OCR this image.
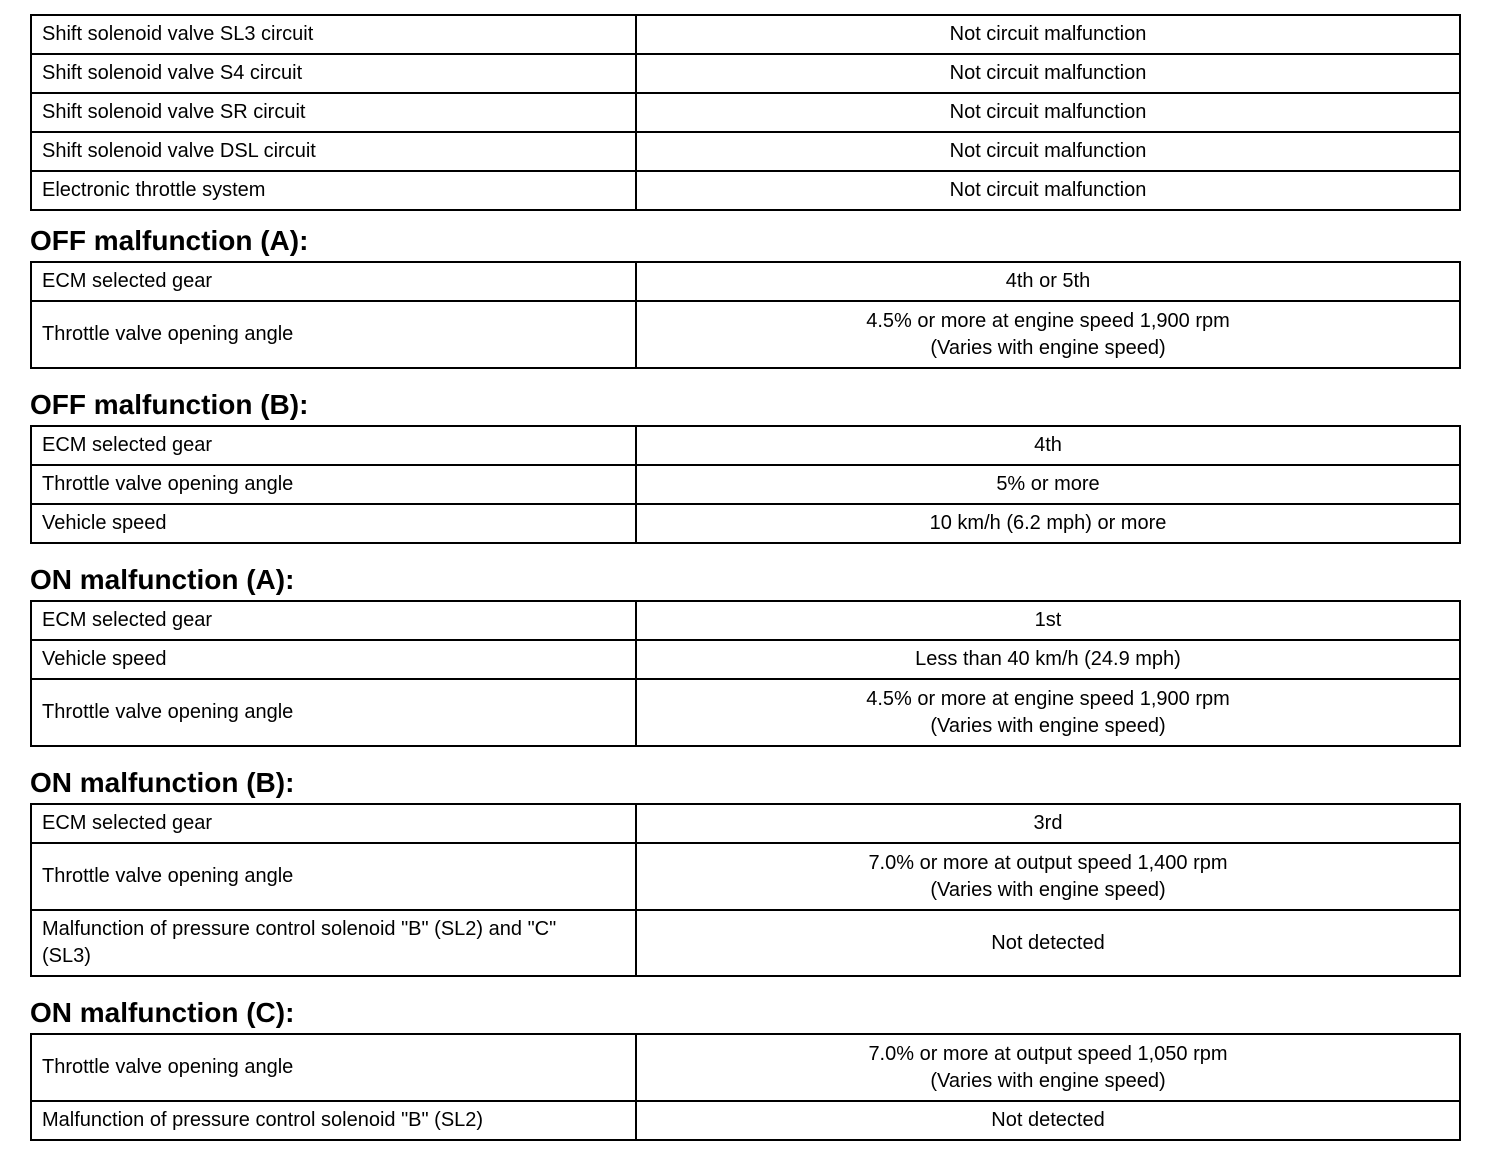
Shift solenoid valve SL3 circuit	Not circuit malfunction
Shift solenoid valve S4 circuit	Not circuit malfunction
Shift solenoid valve SR circuit	Not circuit malfunction
Shift solenoid valve DSL circuit	Not circuit malfunction
Electronic throttle system	Not circuit malfunction
OFF malfunction (A):
ECM selected gear	4th or 5th
Throttle valve opening angle	4.5% or more at engine speed 1,900 rpm
(Varies with engine speed)
OFF malfunction (B):
ECM selected gear	4th
Throttle valve opening angle	5% or more
Vehicle speed	10 km/h (6.2 mph) or more
ON malfunction (A):
ECM selected gear	1st
Vehicle speed	Less than 40 km/h (24.9 mph)
Throttle valve opening angle	4.5% or more at engine speed 1,900 rpm
(Varies with engine speed)
ON malfunction (B):
ECM selected gear	3rd
Throttle valve opening angle	7.0% or more at output speed 1,400 rpm
(Varies with engine speed)

Malfunction of pressure control solenoid "B" (SL2) and "C"
(SL3)	Not detected
ON malfunction (C):
Throttle valve opening angle	7.0% or more at output speed 1,050 rpm
(Varies with engine speed)

Malfunction of pressure control solenoid "B" (SL2)	Not detected
